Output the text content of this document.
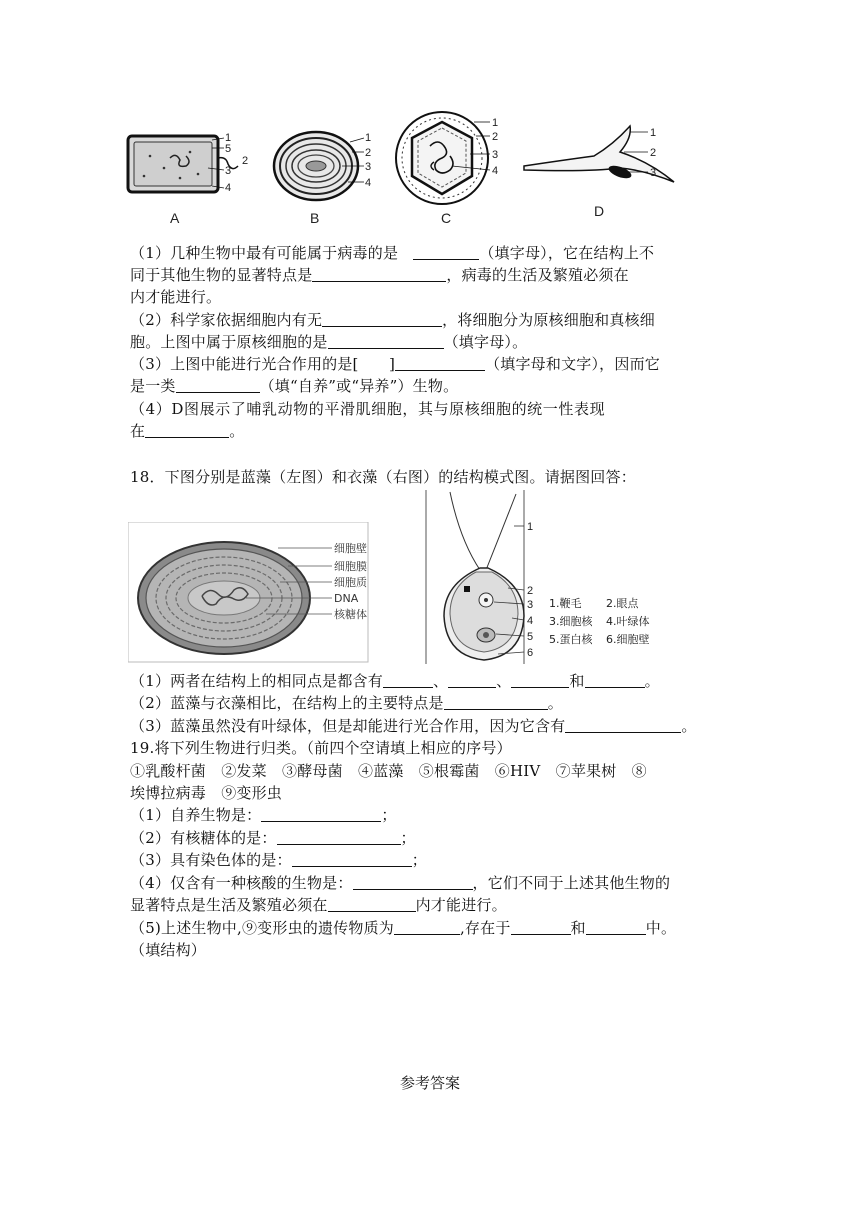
1
5
2
3
4
A
1
2
3
4
B
1
2
3
4
C
1
2
3
D
（1）几种生物中最有可能属于病毒的是　	（填字母），它在结构上不
同于其他生物的显著特点是	，病毒的生活及繁殖必须在
内才能进行。
（2）科学家依据细胞内有无	，将细胞分为原核细胞和真核细
胞。上图中属于原核细胞的是	（填字母）。
（3）上图中能进行光合作用的是[　　]	（填字母和文字），因而它
是一类	（填“自养”或“异养”）生物。
（4）D图展示了哺乳动物的平滑肌细胞，其与原核细胞的统一性表现
在	。
18．下图分别是蓝藻（左图）和衣藻（右图）的结构模式图。请据图回答：
细胞壁
细胞膜
细胞质
DNA
核糖体
1
2
3
4
5
6
1.鞭毛 2.眼点
3.细胞核 4.叶绿体
5.蛋白核 6.细胞壁
（1）两者在结构上的相同点是都含有	、	、	和	。
（2）蓝藻与衣藻相比，在结构上的主要特点是	。
（3）蓝藻虽然没有叶绿体，但是却能进行光合作用，因为它含有	。
19.将下列生物进行归类。（前四个空请填上相应的序号）
①乳酸杆菌　②发菜　③酵母菌　④蓝藻　⑤根霉菌　⑥HIV　⑦苹果树　⑧
埃博拉病毒　⑨变形虫
（1）自养生物是：	；
（2）有核糖体的是：	；
（3）具有染色体的是：	；
（4）仅含有一种核酸的生物是：	，它们不同于上述其他生物的
显著特点是生活及繁殖必须在	内才能进行。
（5)上述生物中,⑨变形虫的遗传物质为	,存在于	和	中。
（填结构）
参考答案
